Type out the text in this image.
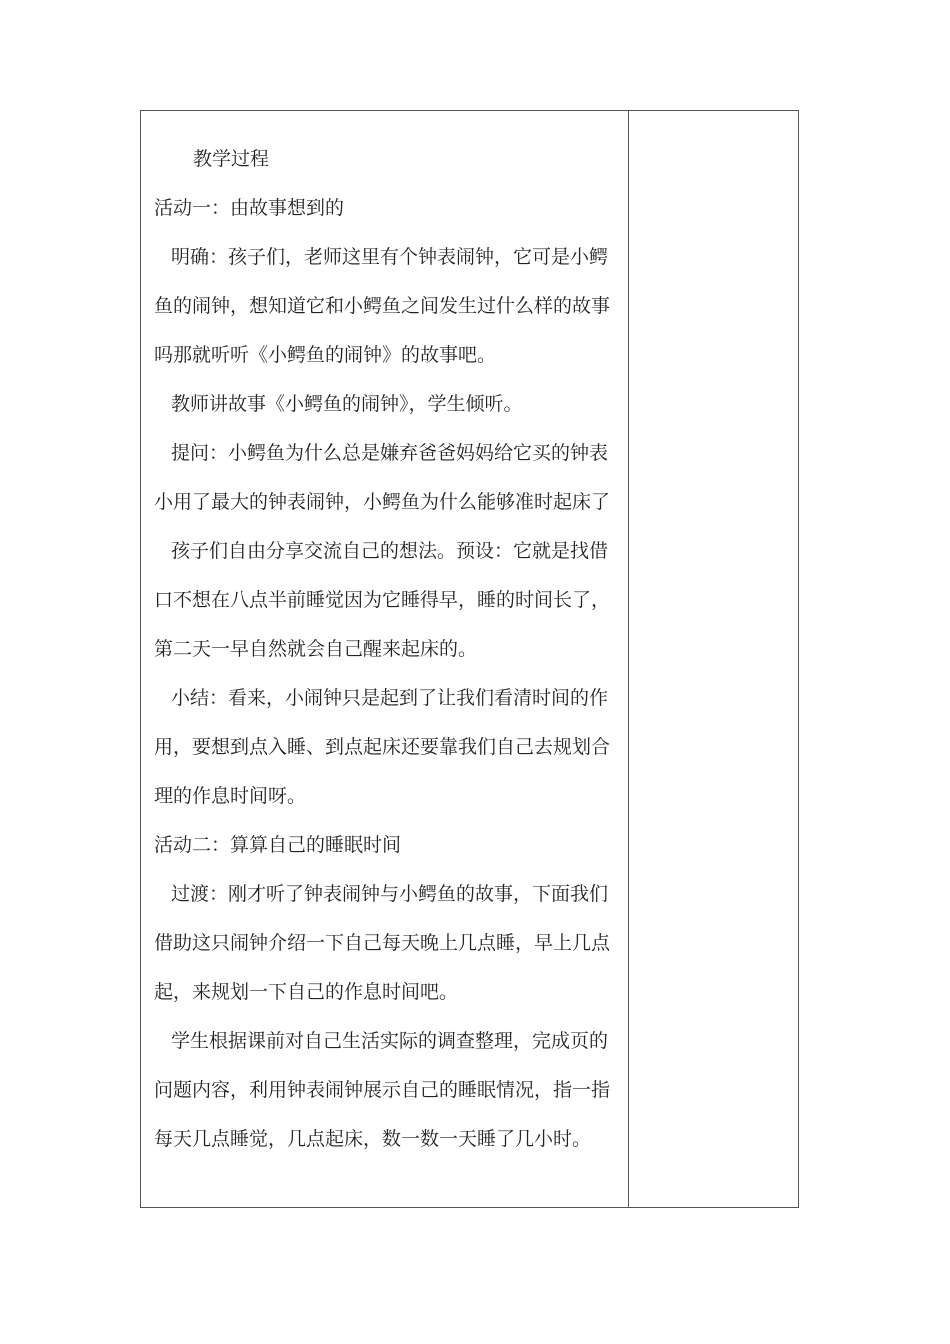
教学过程
活动一：由故事想到的
明确：孩子们，老师这里有个钟表闹钟，它可是小鳄
鱼的闹钟，想知道它和小鳄鱼之间发生过什么样的故事
吗那就听听《小鳄鱼的闹钟》的故事吧。
教师讲故事《小鳄鱼的闹钟》，学生倾听。
提问：小鳄鱼为什么总是嫌弃爸爸妈妈给它买的钟表
小用了最大的钟表闹钟，小鳄鱼为什么能够准时起床了
孩子们自由分享交流自己的想法。预设：它就是找借
口不想在八点半前睡觉因为它睡得早，睡的时间长了，
第二天一早自然就会自己醒来起床的。
小结：看来，小闹钟只是起到了让我们看清时间的作
用，要想到点入睡、到点起床还要靠我们自己去规划合
理的作息时间呀。
活动二：算算自己的睡眠时间
过渡：刚才听了钟表闹钟与小鳄鱼的故事，下面我们
借助这只闹钟介绍一下自己每天晚上几点睡，早上几点
起，来规划一下自己的作息时间吧。
学生根据课前对自己生活实际的调查整理，完成页的
问题内容，利用钟表闹钟展示自己的睡眠情况，指一指
每天几点睡觉，几点起床，数一数一天睡了几小时。
